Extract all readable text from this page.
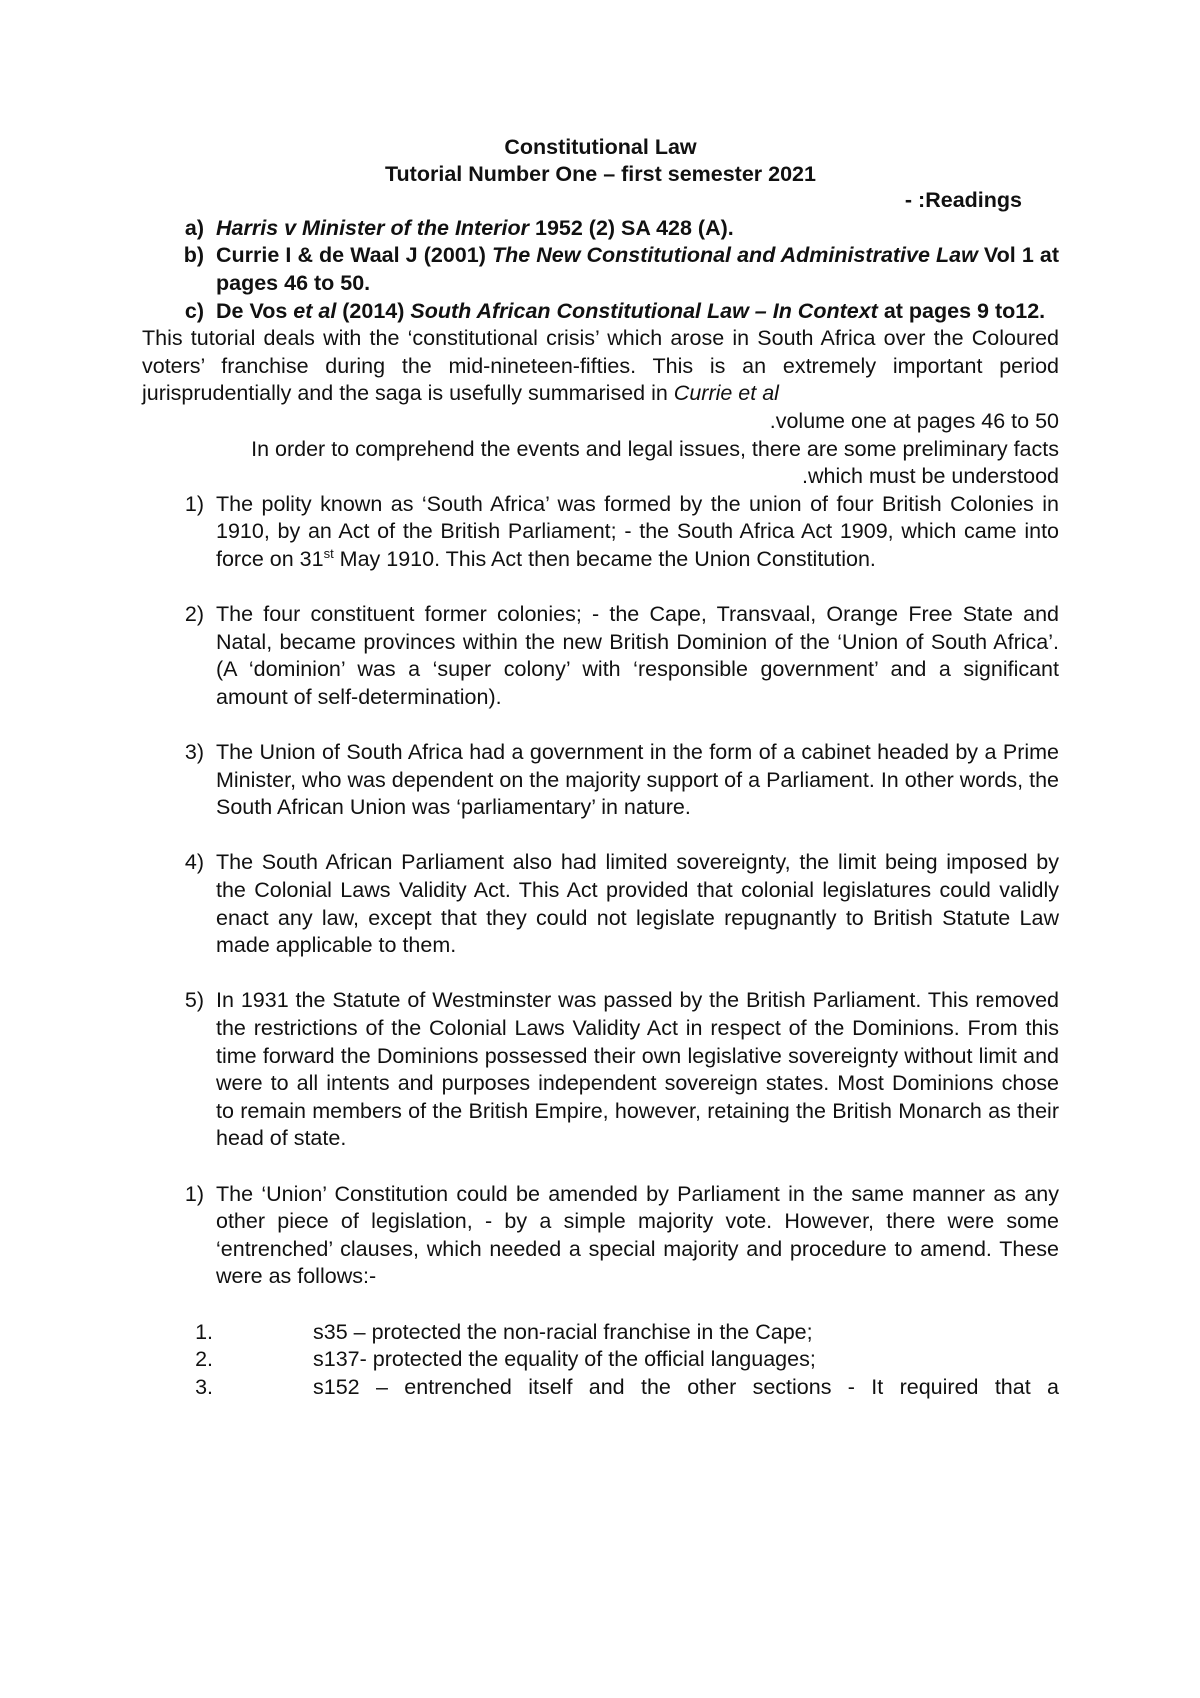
Constitutional Law
Tutorial Number One – first semester 2021
- :Readings
a) Harris v Minister of the Interior 1952 (2) SA 428 (A).
b) Currie I & de Waal J (2001) The New Constitutional and Administrative Law Vol 1 at pages 46 to 50.
c) De Vos et al (2014) South African Constitutional Law – In Context at pages 9 to12.
This tutorial deals with the ‘constitutional crisis’ which arose in South Africa over the Coloured voters’ franchise during the mid-nineteen-fifties. This is an extremely important period jurisprudentially and the saga is usefully summarised in Currie et al
.volume one at pages 46 to 50
In order to comprehend the events and legal issues, there are some preliminary facts
.which must be understood
1) The polity known as ‘South Africa’ was formed by the union of four British Colonies in 1910, by an Act of the British Parliament; - the South Africa Act 1909, which came into force on 31st May 1910. This Act then became the Union Constitution.
2) The four constituent former colonies; - the Cape, Transvaal, Orange Free State and Natal, became provinces within the new British Dominion of the ‘Union of South Africa’. (A ‘dominion’ was a ‘super colony’ with ‘responsible government’ and a significant amount of self-determination).
3) The Union of South Africa had a government in the form of a cabinet headed by a Prime Minister, who was dependent on the majority support of a Parliament. In other words, the South African Union was ‘parliamentary’ in nature.
4) The South African Parliament also had limited sovereignty, the limit being imposed by the Colonial Laws Validity Act. This Act provided that colonial legislatures could validly enact any law, except that they could not legislate repugnantly to British Statute Law made applicable to them.
5) In 1931 the Statute of Westminster was passed by the British Parliament. This removed the restrictions of the Colonial Laws Validity Act in respect of the Dominions. From this time forward the Dominions possessed their own legislative sovereignty without limit and were to all intents and purposes independent sovereign states. Most Dominions chose to remain members of the British Empire, however, retaining the British Monarch as their head of state.
1) The ‘Union’ Constitution could be amended by Parliament in the same manner as any other piece of legislation, - by a simple majority vote. However, there were some ‘entrenched’ clauses, which needed a special majority and procedure to amend. These were as follows:-
1.	s35 – protected the non-racial franchise in the Cape;
2.	s137- protected the equality of the official languages;
3.	s152 – entrenched itself and the other sections - It required that a
